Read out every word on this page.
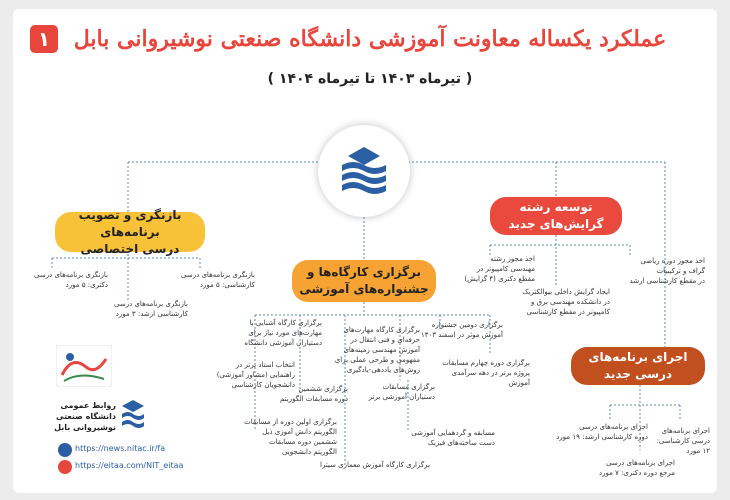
۱	عملکرد یکساله معاونت آموزشی دانشگاه صنعتی نوشیروانی بابل
( تیرماه ۱۴۰۳ تا تیرماه ۱۴۰۴ )
بازنگری و تصویب برنامه‌های
درسی اختصاصی
برگزاری کارگاه‌ها و
جشنواره‌های آموزشی
توسعه رشته
گرایش‌های جدید
اجرای برنامه‌های
درسی جدید
بازنگری برنامه‌های درسی
کارشناسی: ۵ مورد
بازنگری برنامه‌های درسی
دکتری: ۵ مورد
بازنگری برنامه‌های درسی
کارشناسی ارشد: ۳ مورد
برگزاری کارگاه آشنایی با
مهارت‌های مورد نیاز برای
دستیاران آموزشی دانشگاه
برگزاری کارگاه مهارت‌های
حرفه‌ای و فنی انتقال در
آموزش مهندسی زمینه‌های
مفهومی و طرحی عملی برای
روش‌های یاددهی-یادگیری
برگزاری دومین جشنواره
آموزش موثر در اسفند ۱۴۰۳
انتخاب استاد برتر در
راهنمایی (مشاور آموزشی)
دانشجویان کارشناسی	برگزاری ششمین
دوره مسابقات الگوریتم
برگزاری مسابقات
دستیاران آموزشی برتر
برگزاری دوره چهارم مسابقات
پروژه برتر در دهه سرآمدی آموزش
برگزاری اولین دوره از مسابقات
الگوریتم دانش آموزی ذیل
ششمین دوره مسابقات
الگوریتم دانشجویی
مسابقه و گردهمایی آموزشی
دست ساخته‌های فیزیک
برگزاری کارگاه آموزش معماری سیترا
اخذ مجوز دوره ریاضی
گراف و ترکیبیات
در مقطع کارشناسی ارشد
اخذ مجوز رشته
مهندسی کامپیوتر در
مقطع دکتری (۴ گرایش)
ایجاد گرایش داخلی بیوالکتریک
در دانشکده مهندسی برق و
کامپیوتر در مقطع کارشناسی
اجرای برنامه‌های
درسی کارشناسی: ۱۲ مورد
اجرای برنامه‌های درسی
دوره کارشناسی ارشد: ۱۹ مورد
اجرای برنامه‌های درسی
مرجع دوره دکتری: ۷ مورد
روابط عمومی
دانشگاه صنعتی
نوشیروانی بابل
https://news.nitac.ir/fa
https://eitaa.com/NIT_eitaa
